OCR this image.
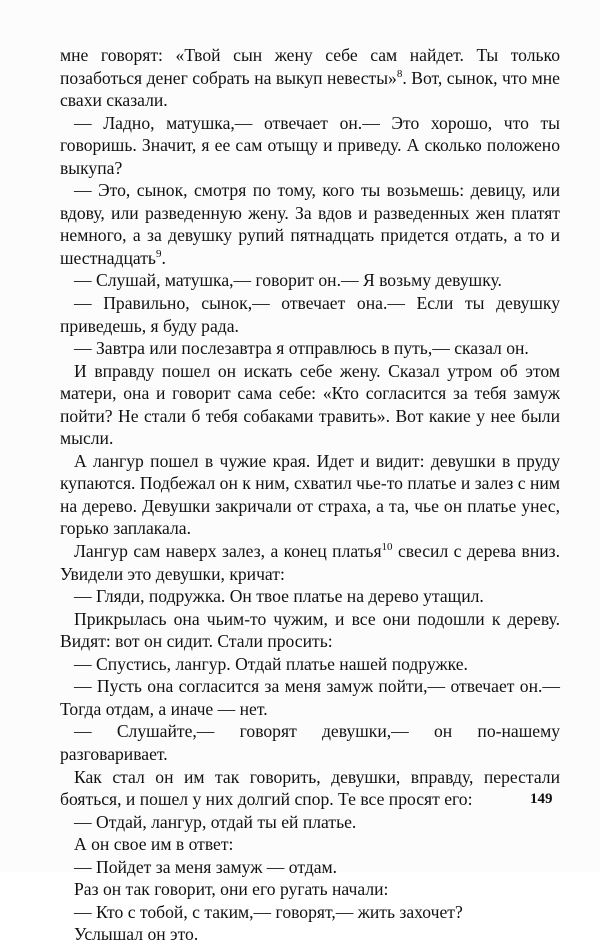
мне говорят: «Твой сын жену себе сам найдет. Ты только позаботься денег собрать на выкуп невесты»$^8$. Вот, сынок, что мне свахи сказали.

— Ладно, матушка,— отвечает он.— Это хорошо, что ты говоришь. Значит, я ее сам отыщу и приведу. А сколько положено выкупа?

— Это, сынок, смотря по тому, кого ты возьмешь: девицу, или вдову, или разведенную жену. За вдов и разведенных жен платят немного, а за девушку рупий пятнадцать придется отдать, а то и шестнадцать$^9$.

— Слушай, матушка,— говорит он.— Я возьму девушку.

— Правильно, сынок,— отвечает она.— Если ты девушку приведешь, я буду рада.

— Завтра или послезавтра я отправлюсь в путь,— сказал он.

И вправду пошел он искать себе жену. Сказал утром об этом матери, она и говорит сама себе: «Кто согласится за тебя замуж пойти? Не стали б тебя собаками травить». Вот какие у нее были мысли.

А лангур пошел в чужие края. Идет и видит: девушки в пруду купаются. Подбежал он к ним, схватил чье-то платье и залез с ним на дерево. Девушки закричали от страха, а та, чье он платье унес, горько заплакала.

Лангур сам наверх залез, а конец платья$^{10}$ свесил с дерева вниз. Увидели это девушки, кричат:

— Гляди, подружка. Он твое платье на дерево утащил.

Прикрылась она чьим-то чужим, и все они подошли к дереву. Видят: вот он сидит. Стали просить:

— Спустись, лангур. Отдай платье нашей подружке.

— Пусть она согласится за меня замуж пойти,— отвечает он.— Тогда отдам, а иначе — нет.

— Слушайте,— говорят девушки,— он по-нашему разговаривает.

Как стал он им так говорить, девушки, вправду, перестали бояться, и пошел у них долгий спор. Те все просят его:

— Отдай, лангур, отдай ты ей платье.

А он свое им в ответ:

— Пойдет за меня замуж — отдам.

Раз он так говорит, они его ругать начали:

— Кто с тобой, с таким,— говорят,— жить захочет?

Услышал он это.

149
